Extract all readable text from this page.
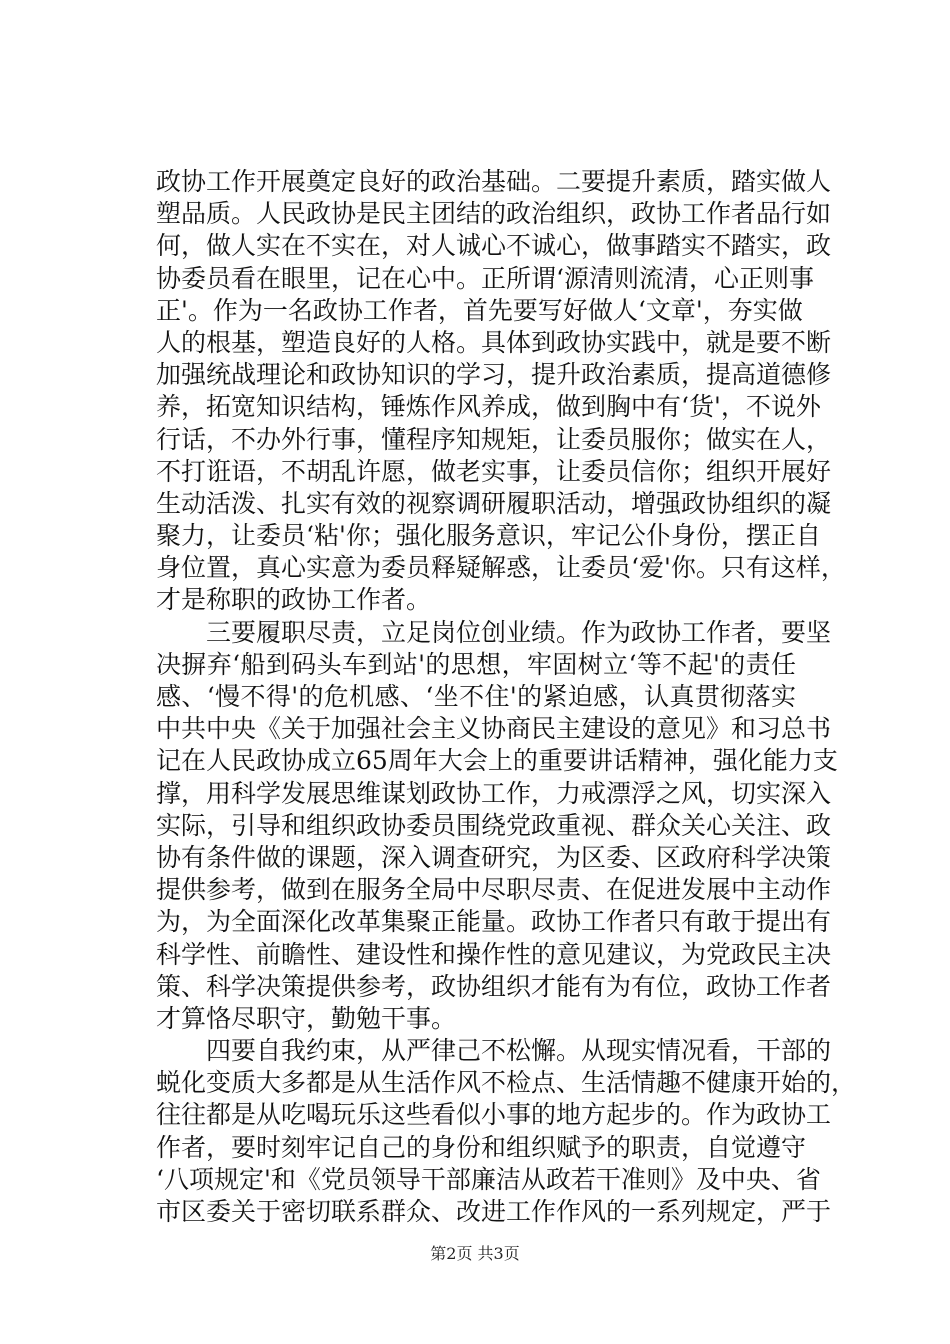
政协工作开展奠定良好的政治基础。二要提升素质，踏实做人
塑品质。人民政协是民主团结的政治组织，政协工作者品行如
何，做人实在不实在，对人诚心不诚心，做事踏实不踏实，政
协委员看在眼里，记在心中。正所谓‘源清则流清，心正则事
正'。作为一名政协工作者，首先要写好做人‘文章'，夯实做
人的根基，塑造良好的人格。具体到政协实践中，就是要不断
加强统战理论和政协知识的学习，提升政治素质，提高道德修
养，拓宽知识结构，锤炼作风养成，做到胸中有‘货'，不说外
行话，不办外行事，懂程序知规矩，让委员服你；做实在人，
不打诳语，不胡乱许愿，做老实事，让委员信你；组织开展好
生动活泼、扎实有效的视察调研履职活动，增强政协组织的凝
聚力，让委员‘粘'你；强化服务意识，牢记公仆身份，摆正自
身位置，真心实意为委员释疑解惑，让委员‘爱'你。只有这样，
才是称职的政协工作者。
三要履职尽责，立足岗位创业绩。作为政协工作者，要坚
决摒弃‘船到码头车到站'的思想，牢固树立‘等不起'的责任
感、‘慢不得'的危机感、‘坐不住'的紧迫感，认真贯彻落实
中共中央《关于加强社会主义协商民主建设的意见》和习总书
记在人民政协成立65周年大会上的重要讲话精神，强化能力支
撑，用科学发展思维谋划政协工作，力戒漂浮之风，切实深入
实际，引导和组织政协委员围绕党政重视、群众关心关注、政
协有条件做的课题，深入调查研究，为区委、区政府科学决策
提供参考，做到在服务全局中尽职尽责、在促进发展中主动作
为，为全面深化改革集聚正能量。政协工作者只有敢于提出有
科学性、前瞻性、建设性和操作性的意见建议，为党政民主决
策、科学决策提供参考，政协组织才能有为有位，政协工作者
才算恪尽职守，勤勉干事。
四要自我约束，从严律己不松懈。从现实情况看，干部的
蜕化变质大多都是从生活作风不检点、生活情趣不健康开始的，
往往都是从吃喝玩乐这些看似小事的地方起步的。作为政协工
作者，要时刻牢记自己的身份和组织赋予的职责，自觉遵守
‘八项规定'和《党员领导干部廉洁从政若干准则》及中央、省
市区委关于密切联系群众、改进工作作风的一系列规定，严于
第2页 共3页
